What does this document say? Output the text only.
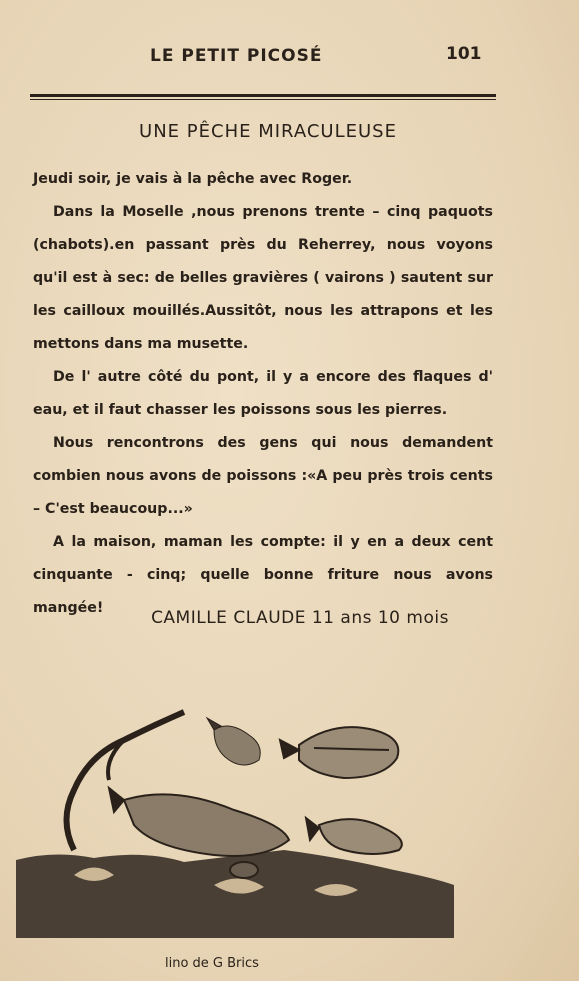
LE PETIT PICOSÉ	101
UNE PÊCHE MIRACULEUSE

Jeudi soir, je vais à la pêche avec Roger.

Dans la Moselle ,nous prenons trente – cinq paquots (chabots).en passant près du Reherrey, nous voyons qu'il est à sec: de belles gravières ( vairons ) sautent sur les cailloux mouillés.Aussitôt, nous les attrapons et les mettons dans ma musette.

De l' autre côté du pont, il y a encore des flaques d' eau, et il faut chasser les poissons sous les pierres.

Nous rencontrons des gens qui nous demandent combien nous avons de poissons :«A peu près trois cents – C'est beaucoup...»

A la maison, maman les compte: il y en a deux cent cinquante - cinq; quelle bonne friture nous avons mangée!	CAMILLE CLAUDE 11 ans 10 mois
lino de G Brics
